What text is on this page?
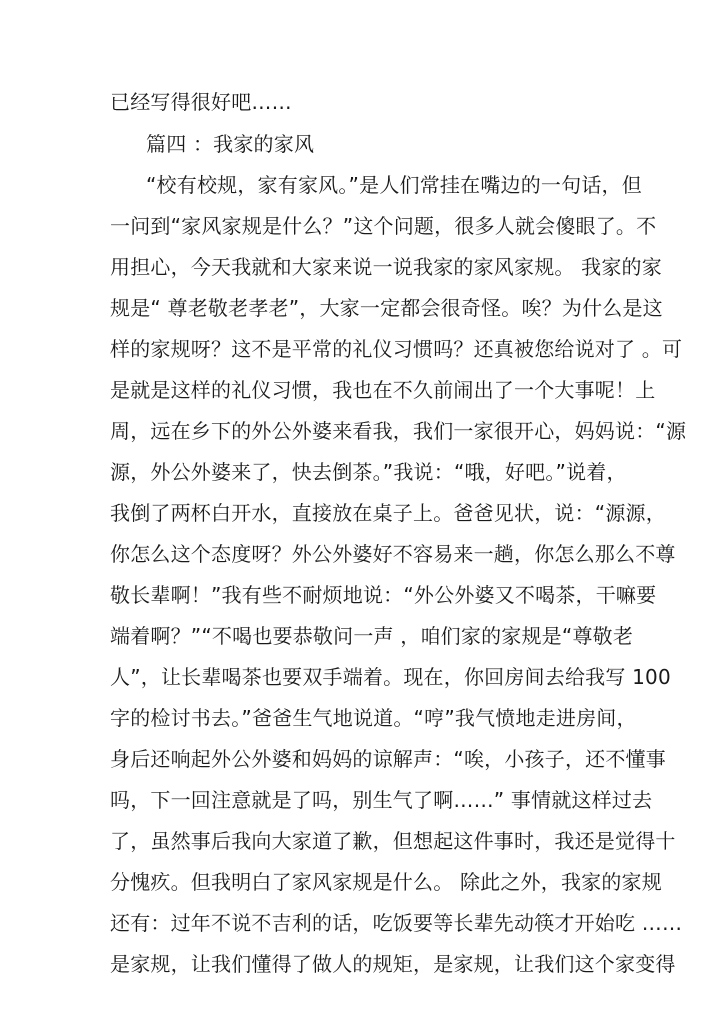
已经写得很好吧……
篇四 ：我家的家风
“校有校规，家有家风。”是人们常挂在嘴边的一句话，但
一问到“家风家规是什么？”这个问题，很多人就会傻眼了。不
用担心，今天我就和大家来说一说我家的家风家规。 我家的家
规是“ 尊老敬老孝老”，大家一定都会很奇怪。唉？为什么是这
样的家规呀？这不是平常的礼仪习惯吗？还真被您给说对了 。可
是就是这样的礼仪习惯，我也在不久前闹出了一个大事呢！上
周，远在乡下的外公外婆来看我，我们一家很开心，妈妈说：“源
源，外公外婆来了，快去倒茶。”我说：“哦，好吧。”说着，
我倒了两杯白开水，直接放在桌子上。爸爸见状，说：“源源，
你怎么这个态度呀？外公外婆好不容易来一趟，你怎么那么不尊
敬长辈啊！”我有些不耐烦地说：“外公外婆又不喝茶，干嘛要
端着啊？”“不喝也要恭敬问一声 ，咱们家的家规是“尊敬老
人”，让长辈喝茶也要双手端着。现在，你回房间去给我写 100
字的检讨书去。”爸爸生气地说道。“哼”我气愤地走进房间，
身后还响起外公外婆和妈妈的谅解声：“唉，小孩子，还不懂事
吗，下一回注意就是了吗，别生气了啊……” 事情就这样过去
了，虽然事后我向大家道了歉，但想起这件事时，我还是觉得十
分愧疚。但我明白了家风家规是什么。 除此之外，我家的家规
还有：过年不说不吉利的话，吃饭要等长辈先动筷才开始吃 ……
是家规，让我们懂得了做人的规矩，是家规，让我们这个家变得
